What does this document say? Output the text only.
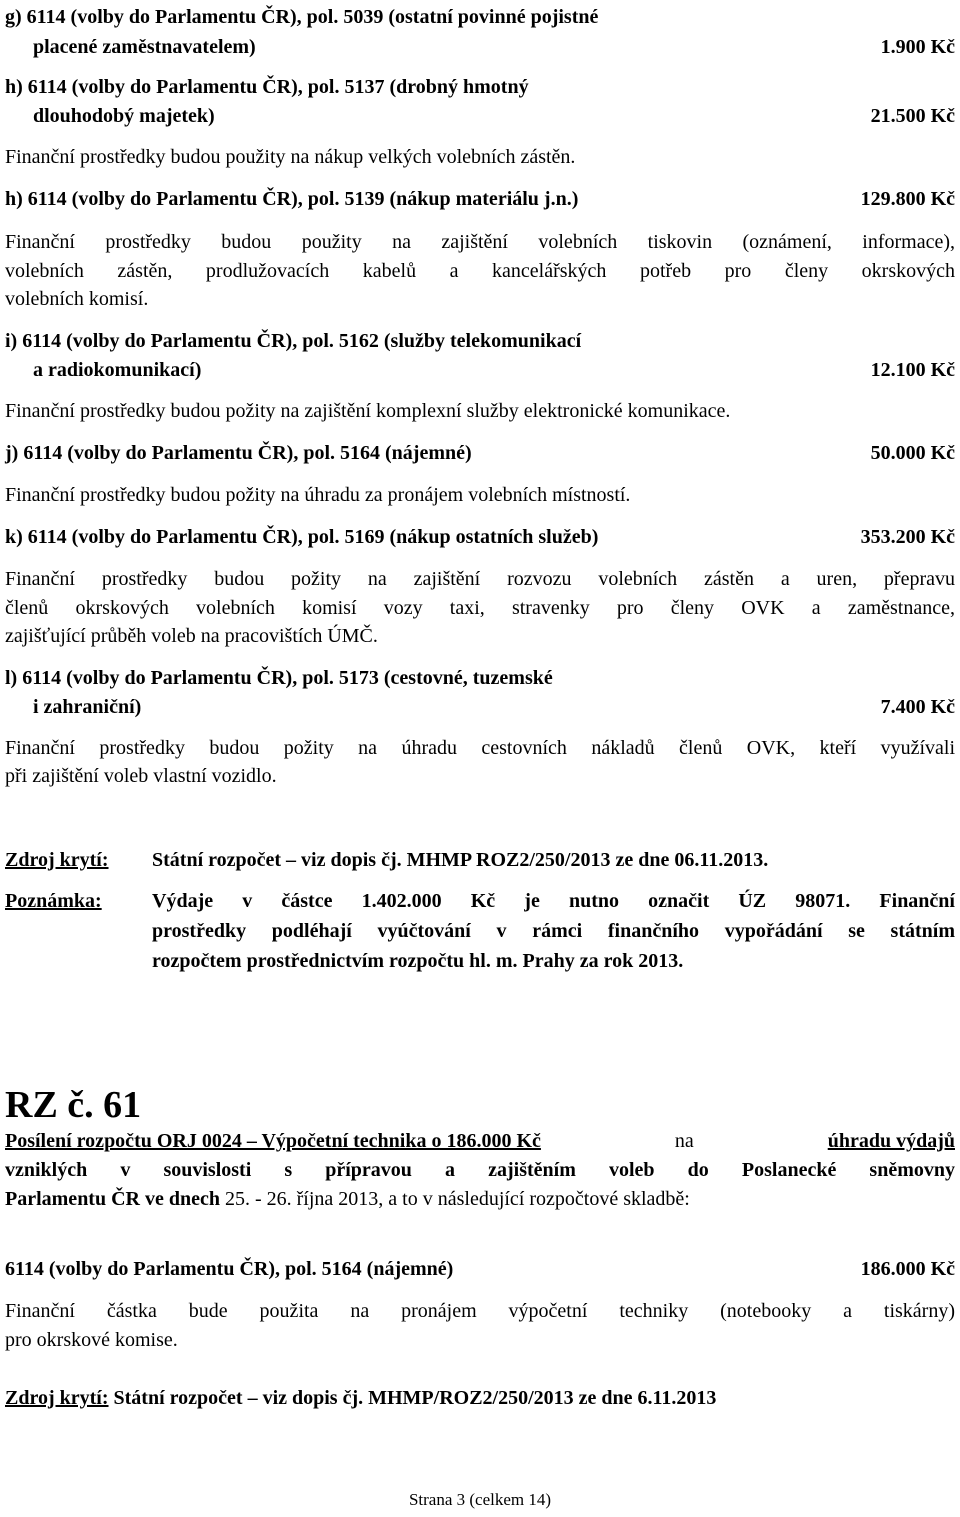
g) 6114 (volby do Parlamentu ČR), pol. 5039 (ostatní povinné pojistné
placené zaměstnavatelem)	1.900 Kč
h) 6114 (volby do Parlamentu ČR), pol. 5137 (drobný hmotný
dlouhodobý majetek)	21.500 Kč
Finanční prostředky budou použity na nákup velkých volebních zástěn.
h) 6114 (volby do Parlamentu ČR), pol. 5139 (nákup materiálu j.n.)	129.800 Kč
Finanční prostředky budou použity na zajištění volebních tiskovin (oznámení, informace),
volebních zástěn, prodlužovacích kabelů a kancelářských potřeb pro členy okrskových
volebních komisí.
i) 6114 (volby do Parlamentu ČR), pol. 5162 (služby telekomunikací
a radiokomunikací)	12.100 Kč
Finanční prostředky budou požity na zajištění komplexní služby elektronické komunikace.
j) 6114 (volby do Parlamentu ČR), pol. 5164 (nájemné)	50.000 Kč
Finanční prostředky budou požity na úhradu za pronájem volebních místností.
k) 6114 (volby do Parlamentu ČR), pol. 5169 (nákup ostatních služeb)	353.200 Kč
Finanční prostředky budou požity na zajištění rozvozu volebních zástěn a uren, přepravu
členů okrskových volebních komisí vozy taxi, stravenky pro členy OVK a zaměstnance,
zajišťující průběh voleb na pracovištích ÚMČ.
l) 6114 (volby do Parlamentu ČR), pol. 5173 (cestovné, tuzemské
i zahraniční)	7.400 Kč
Finanční prostředky budou požity na úhradu cestovních nákladů členů OVK, kteří využívali
při zajištění voleb vlastní vozidlo.
Zdroj krytí: Státní rozpočet – viz dopis čj. MHMP ROZ2/250/2013 ze dne 06.11.2013.
Poznámka:	Výdaje v částce 1.402.000 Kč je nutno označit ÚZ 98071. Finanční
prostředky podléhají vyúčtování v rámci finančního vypořádání se státním
rozpočtem prostřednictvím rozpočtu hl. m. Prahy za rok 2013.
RZ č. 61
Posílení rozpočtu ORJ 0024 – Výpočetní technika o 186.000 Kč	na	úhradu výdajů
vzniklých v souvislosti s přípravou a zajištěním voleb do Poslanecké sněmovny
Parlamentu ČR ve dnech 25. - 26. října 2013, a to v následující rozpočtové skladbě:
6114 (volby do Parlamentu ČR), pol. 5164 (nájemné)	186.000 Kč
Finanční částka bude použita na pronájem výpočetní techniky (notebooky a tiskárny)
pro okrskové komise.
Zdroj krytí: Státní rozpočet – viz dopis čj. MHMP/ROZ2/250/2013 ze dne 6.11.2013
Strana 3 (celkem 14)
